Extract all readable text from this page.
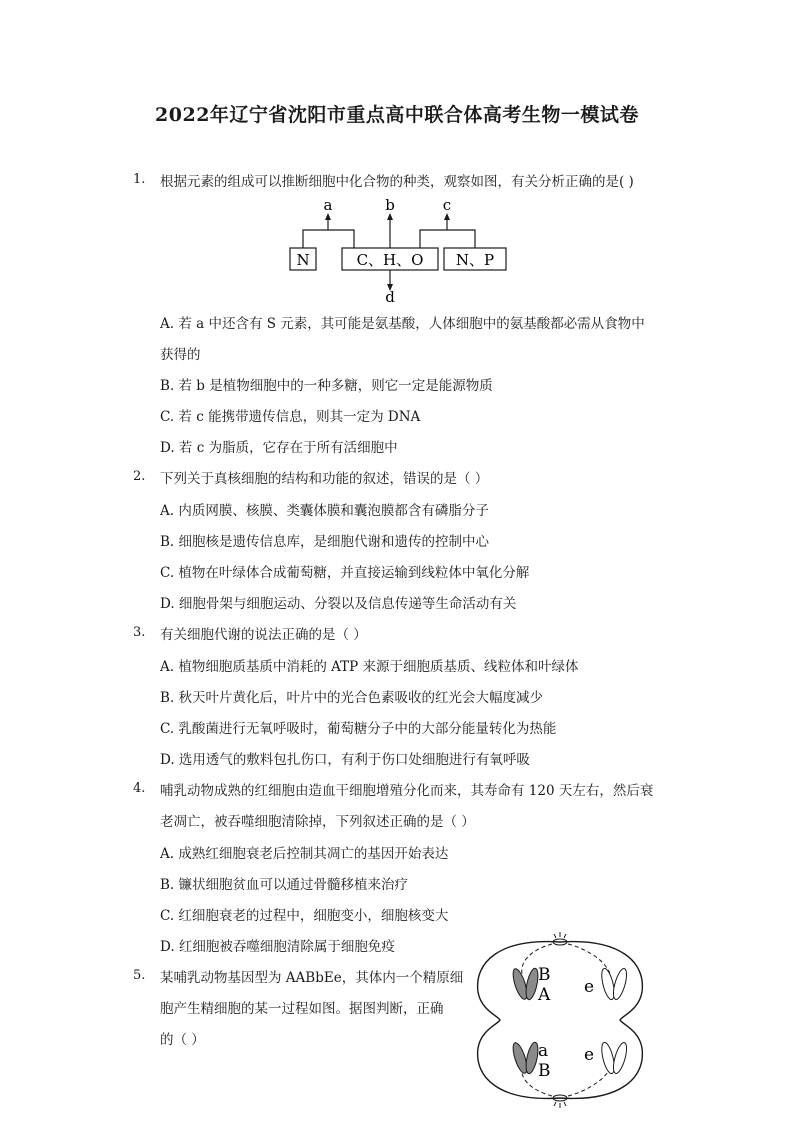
2022年辽宁省沈阳市重点高中联合体高考生物一模试卷
1. 根据元素的组成可以推断细胞中化合物的种类，观察如图，有关分析正确的是( )
N	C、H、O N、P
a	b	c
d
A. 若 a 中还含有 S 元素，其可能是氨基酸，人体细胞中的氨基酸都必需从食物中
获得的
B. 若 b 是植物细胞中的一种多糖，则它一定是能源物质
C. 若 c 能携带遗传信息，则其一定为 DNA
D. 若 c 为脂质，它存在于所有活细胞中
2. 下列关于真核细胞的结构和功能的叙述，错误的是（ ）
A. 内质网膜、核膜、类囊体膜和囊泡膜都含有磷脂分子
B. 细胞核是遗传信息库，是细胞代谢和遗传的控制中心
C. 植物在叶绿体合成葡萄糖，并直接运输到线粒体中氧化分解
D. 细胞骨架与细胞运动、分裂以及信息传递等生命活动有关
3. 有关细胞代谢的说法正确的是（ ）
A. 植物细胞质基质中消耗的 ATP 来源于细胞质基质、线粒体和叶绿体
B. 秋天叶片黄化后，叶片中的光合色素吸收的红光会大幅度减少
C. 乳酸菌进行无氧呼吸时，葡萄糖分子中的大部分能量转化为热能
D. 选用透气的敷料包扎伤口，有利于伤口处细胞进行有氧呼吸
4. 哺乳动物成熟的红细胞由造血干细胞增殖分化而来，其寿命有 120 天左右，然后衰
老凋亡，被吞噬细胞清除掉，下列叙述正确的是（ ）
A. 成熟红细胞衰老后控制其凋亡的基因开始表达
B. 镰状细胞贫血可以通过骨髓移植来治疗
C. 红细胞衰老的过程中，细胞变小，细胞核变大
D. 红细胞被吞噬细胞清除属于细胞免疫
5. 某哺乳动物基因型为 AABbEe，其体内一个精原细
胞产生精细胞的某一过程如图。据图判断，正确
的（ ）
B
A e
a
B
e
